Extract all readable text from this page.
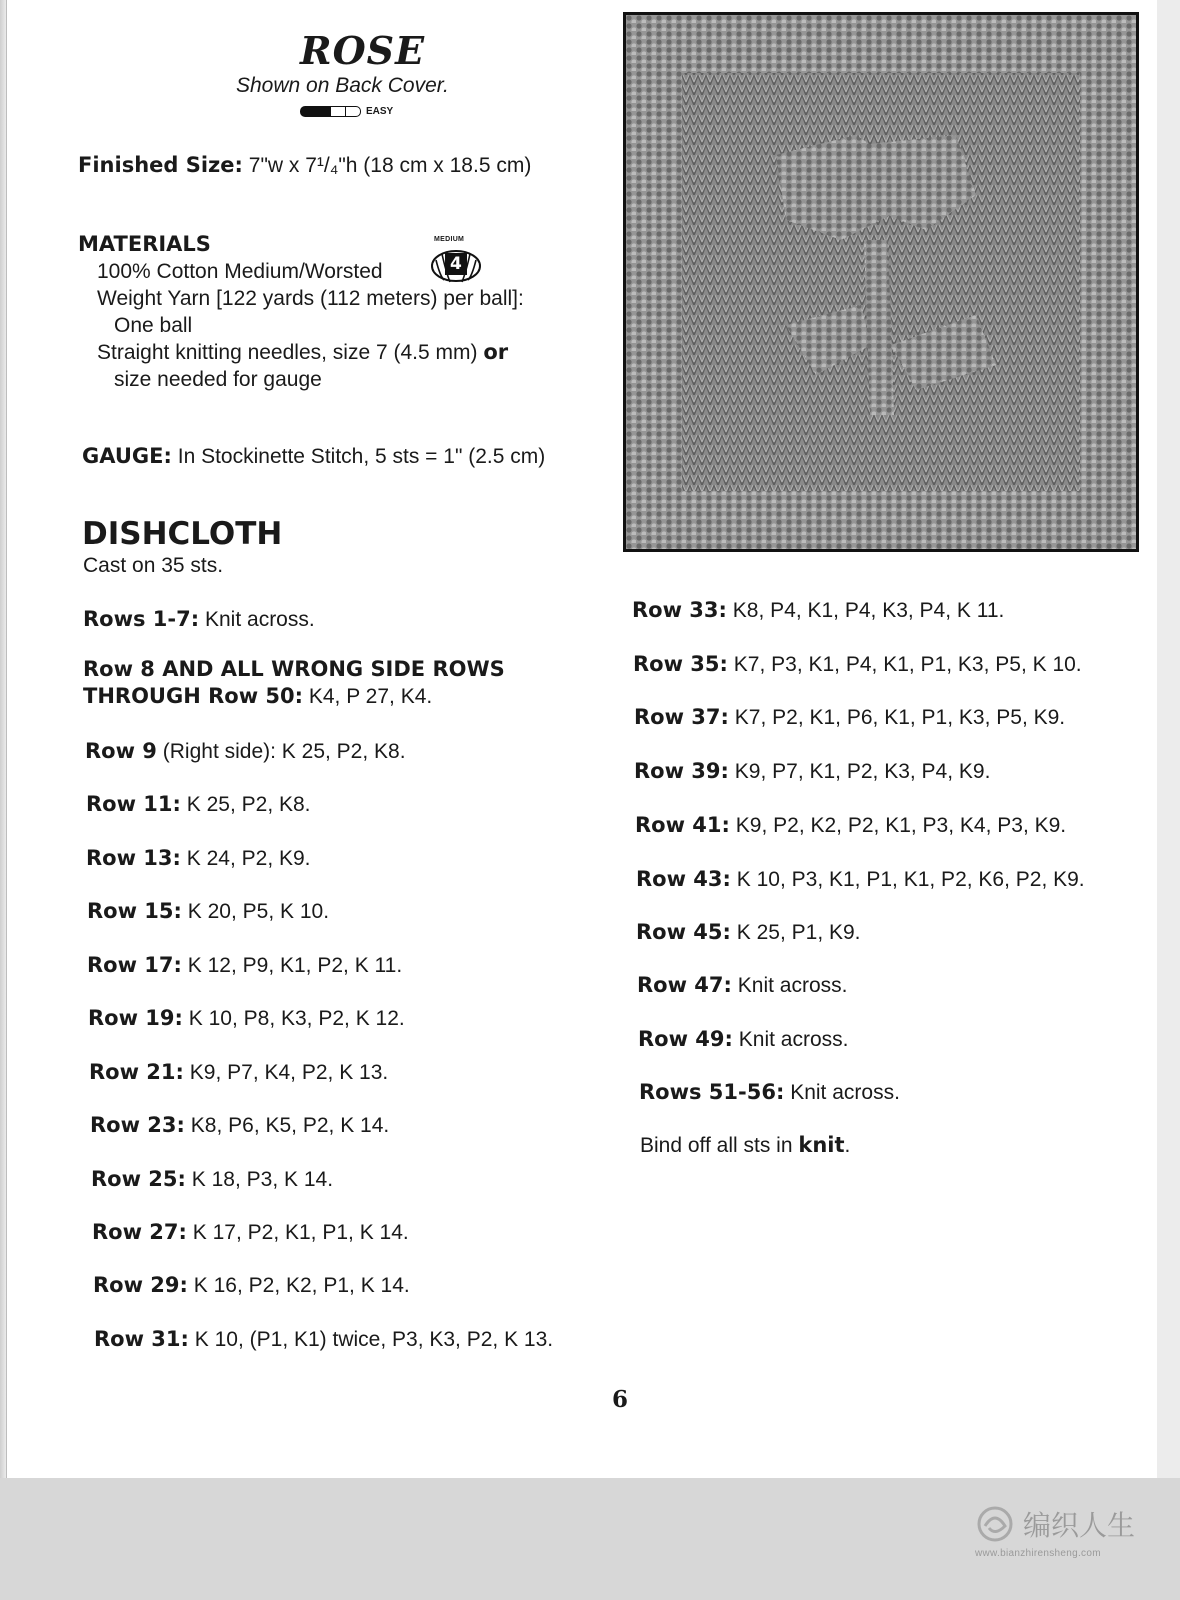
ROSE
Shown on Back Cover.
EASY
Finished Size: 7"w x 7¹/₄"h (18 cm x 18.5 cm)
MATERIALS	MEDIUM
4
100% Cotton Medium/Worsted
Weight Yarn [122 yards (112 meters) per ball]:
One ball
Straight knitting needles, size 7 (4.5 mm) or
size needed for gauge
GAUGE: In Stockinette Stitch, 5 sts = 1" (2.5 cm)
DISHCLOTH
Cast on 35 sts.
Rows 1-7: Knit across.
Row 8 AND ALL WRONG SIDE ROWS
THROUGH Row 50: K4, P 27, K4.
Row 9 (Right side): K 25, P2, K8.
Row 11: K 25, P2, K8.
Row 13: K 24, P2, K9.
Row 15: K 20, P5, K 10.
Row 17: K 12, P9, K1, P2, K 11.
Row 19: K 10, P8, K3, P2, K 12.
Row 21: K9, P7, K4, P2, K 13.
Row 23: K8, P6, K5, P2, K 14.
Row 25: K 18, P3, K 14.
Row 27: K 17, P2, K1, P1, K 14.
Row 29: K 16, P2, K2, P1, K 14.
Row 31: K 10, (P1, K1) twice, P3, K3, P2, K 13.
Row 33: K8, P4, K1, P4, K3, P4, K 11.
Row 35: K7, P3, K1, P4, K1, P1, K3, P5, K 10.
Row 37: K7, P2, K1, P6, K1, P1, K3, P5, K9.
Row 39: K9, P7, K1, P2, K3, P4, K9.
Row 41: K9, P2, K2, P2, K1, P3, K4, P3, K9.
Row 43: K 10, P3, K1, P1, K1, P2, K6, P2, K9.
Row 45: K 25, P1, K9.
Row 47: Knit across.
Row 49: Knit across.
Rows 51-56: Knit across.
Bind off all sts in knit.
6
编织人生
www.bianzhirensheng.com
